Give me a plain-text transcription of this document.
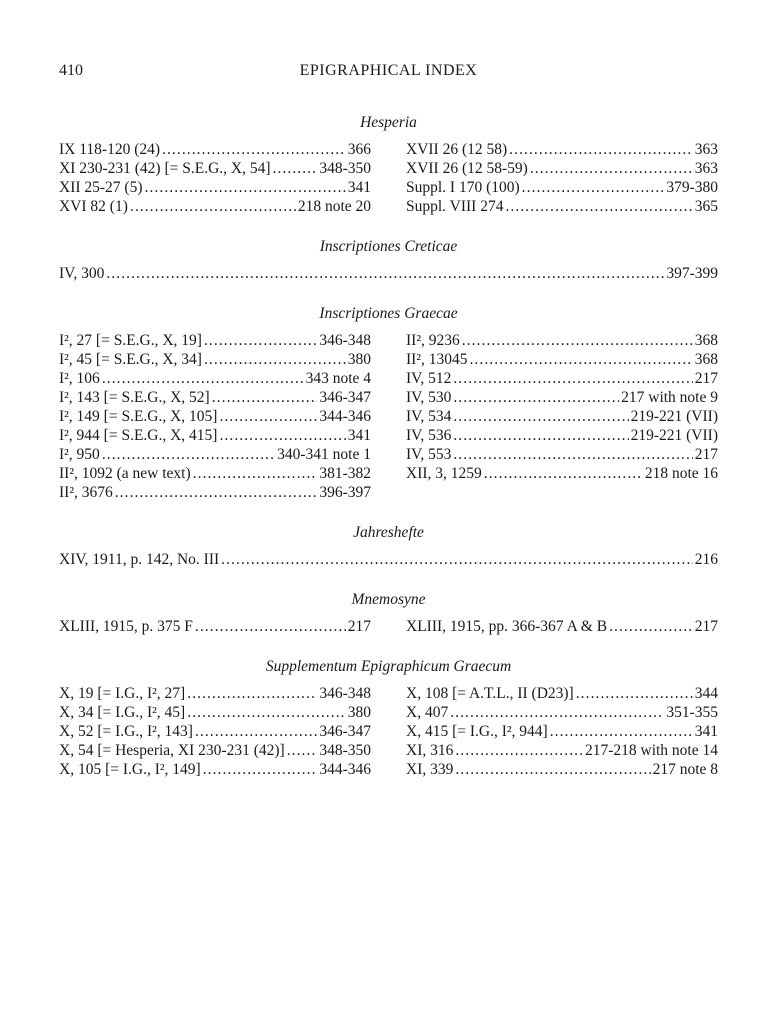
410	EPIGRAPHICAL INDEX
Hesperia
IX 118-120 (24) . . .	366
XI 230-231 (42) [= S.E.G., X, 54] . . .	348-350
XII 25-27 (5) . . .	341
XVI 82 (1) . . .	218 note 20
XVII 26 (12 58) . . .	363
XVII 26 (12 58-59) . . .	363
Suppl. I 170 (100) . . .	379-380
Suppl. VIII 274 . . .	365
Inscriptiones Creticae
IV, 300 . . .	397-399
Inscriptiones Graecae
I², 27 [= S.E.G., X, 19] . . .	346-348
I², 45 [= S.E.G., X, 34] . . .	380
I², 106 . . .	343 note 4
I², 143 [= S.E.G., X, 52] . . .	346-347
I², 149 [= S.E.G., X, 105] . . .	344-346
I², 944 [= S.E.G., X, 415] . . .	341
I², 950 . . .	340-341 note 1
II², 1092 (a new text) . . .	381-382
II², 3676 . . .	396-397
II², 9236 . . .	368
II², 13045 . . .	368
IV, 512 . . .	217
IV, 530 . . .	217 with note 9
IV, 534 . . .	219-221 (VII)
IV, 536 . . .	219-221 (VII)
IV, 553 . . .	217
XII, 3, 1259 . . .	218 note 16
Jahreshefte
XIV, 1911, p. 142, No. III . . .	216
Mnemosyne
XLIII, 1915, p. 375 F . . .	217 XLIII, 1915, pp. 366-367 A & B . . .	217
Supplementum Epigraphicum Graecum
X, 19 [= I.G., I², 27] . . .	346-348
X, 34 [= I.G., I², 45] . . .	380
X, 52 [= I.G., I², 143] . . .	346-347
X, 54 [= Hesperia, XI 230-231 (42)] . . . 348-350
X, 105 [= I.G., I², 149] . . .	344-346
X, 108 [= A.T.L., II (D23)] . . .	344
X, 407 . . .	351-355
X, 415 [= I.G., I², 944] . . .	341
XI, 316 . . .	217-218 with note 14
XI, 339 . . .	217 note 8
